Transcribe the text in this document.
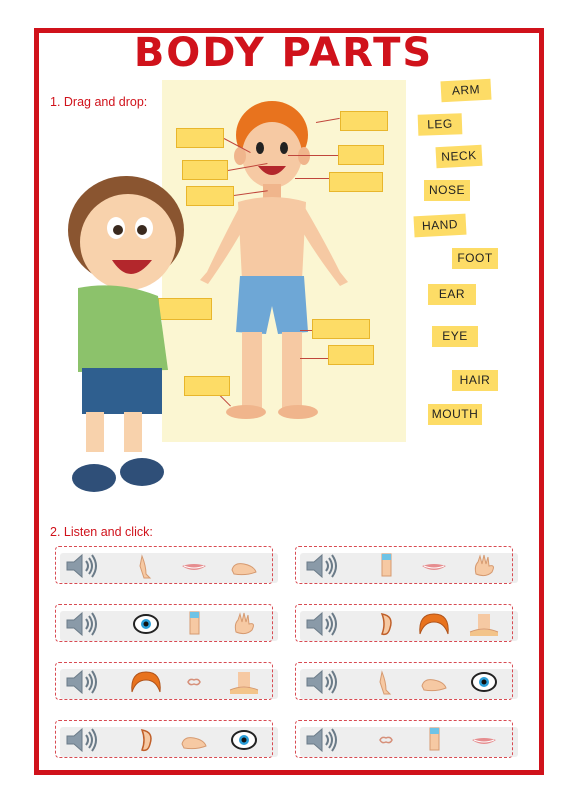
BODY PARTS
1. Drag and drop:
ARM
LEG
NECK
NOSE
HAND
FOOT
EAR
EYE
HAIR
MOUTH
2. Listen and click:
